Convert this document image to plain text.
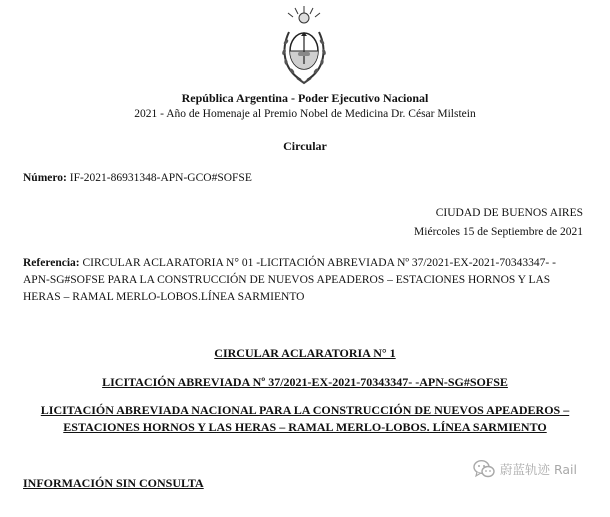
República Argentina - Poder Ejecutivo Nacional
2021 - Año de Homenaje al Premio Nobel de Medicina Dr. César Milstein
Circular
Número: IF-2021-86931348-APN-GCO#SOFSE
CIUDAD DE BUENOS AIRES
Miércoles 15 de Septiembre de 2021
Referencia: CIRCULAR ACLARATORIA N° 01 -LICITACIÓN ABREVIADA Nº 37/2021-EX-2021-70343347- -APN-SG#SOFSE PARA LA CONSTRUCCIÓN DE NUEVOS APEADEROS – ESTACIONES HORNOS Y LAS HERAS – RAMAL MERLO-LOBOS.LÍNEA SARMIENTO
CIRCULAR ACLARATORIA N° 1
LICITACIÓN ABREVIADA Nº 37/2021-EX-2021-70343347- -APN-SG#SOFSE
LICITACIÓN ABREVIADA NACIONAL PARA LA CONSTRUCCIÓN DE NUEVOS APEADEROS –
ESTACIONES HORNOS Y LAS HERAS – RAMAL MERLO-LOBOS. LÍNEA SARMIENTO
INFORMACIÓN SIN CONSULTA
蔚蓝轨迹 Rail
